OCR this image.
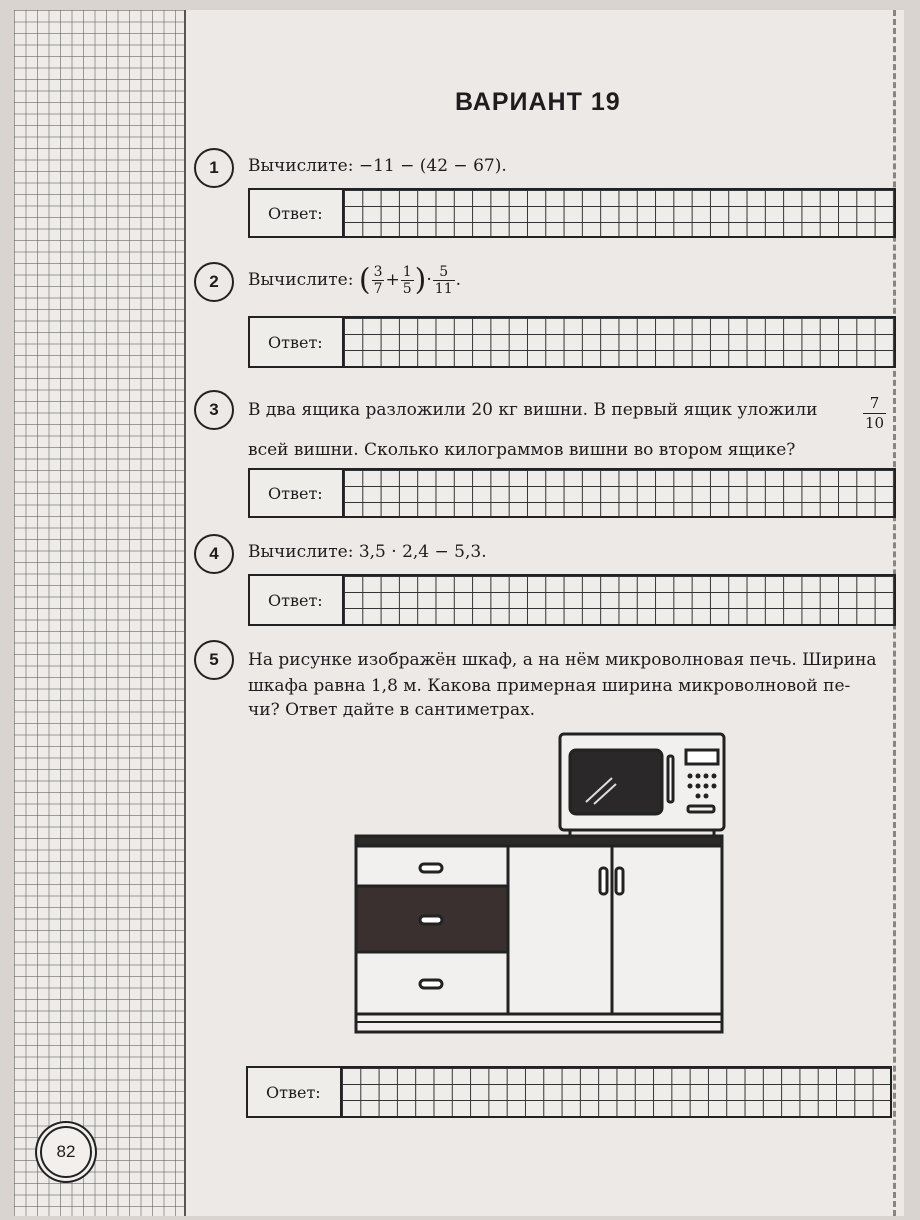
82
ВАРИАНТ 19
1	Вычислите: −11 − (42 − 67).
Ответ:
2	Вычислите: ( $\frac{3}{7} + \frac{1}{5}$ )· $\frac{5}{11}$ .
Ответ:
3	В два ящика разложили 20 кг вишни. В первый ящик уложили	$\frac{7}{10}$
всей вишни. Сколько килограммов вишни во втором ящике?
Ответ:
4	Вычислите: 3,5 · 2,4 − 5,3.
Ответ:
5	На рисунке изображён шкаф, а на нём микроволновая печь. Ширина
шкафа равна 1,8 м. Какова примерная ширина микроволновой пе-
чи? Ответ дайте в сантиметрах.
Ответ:
